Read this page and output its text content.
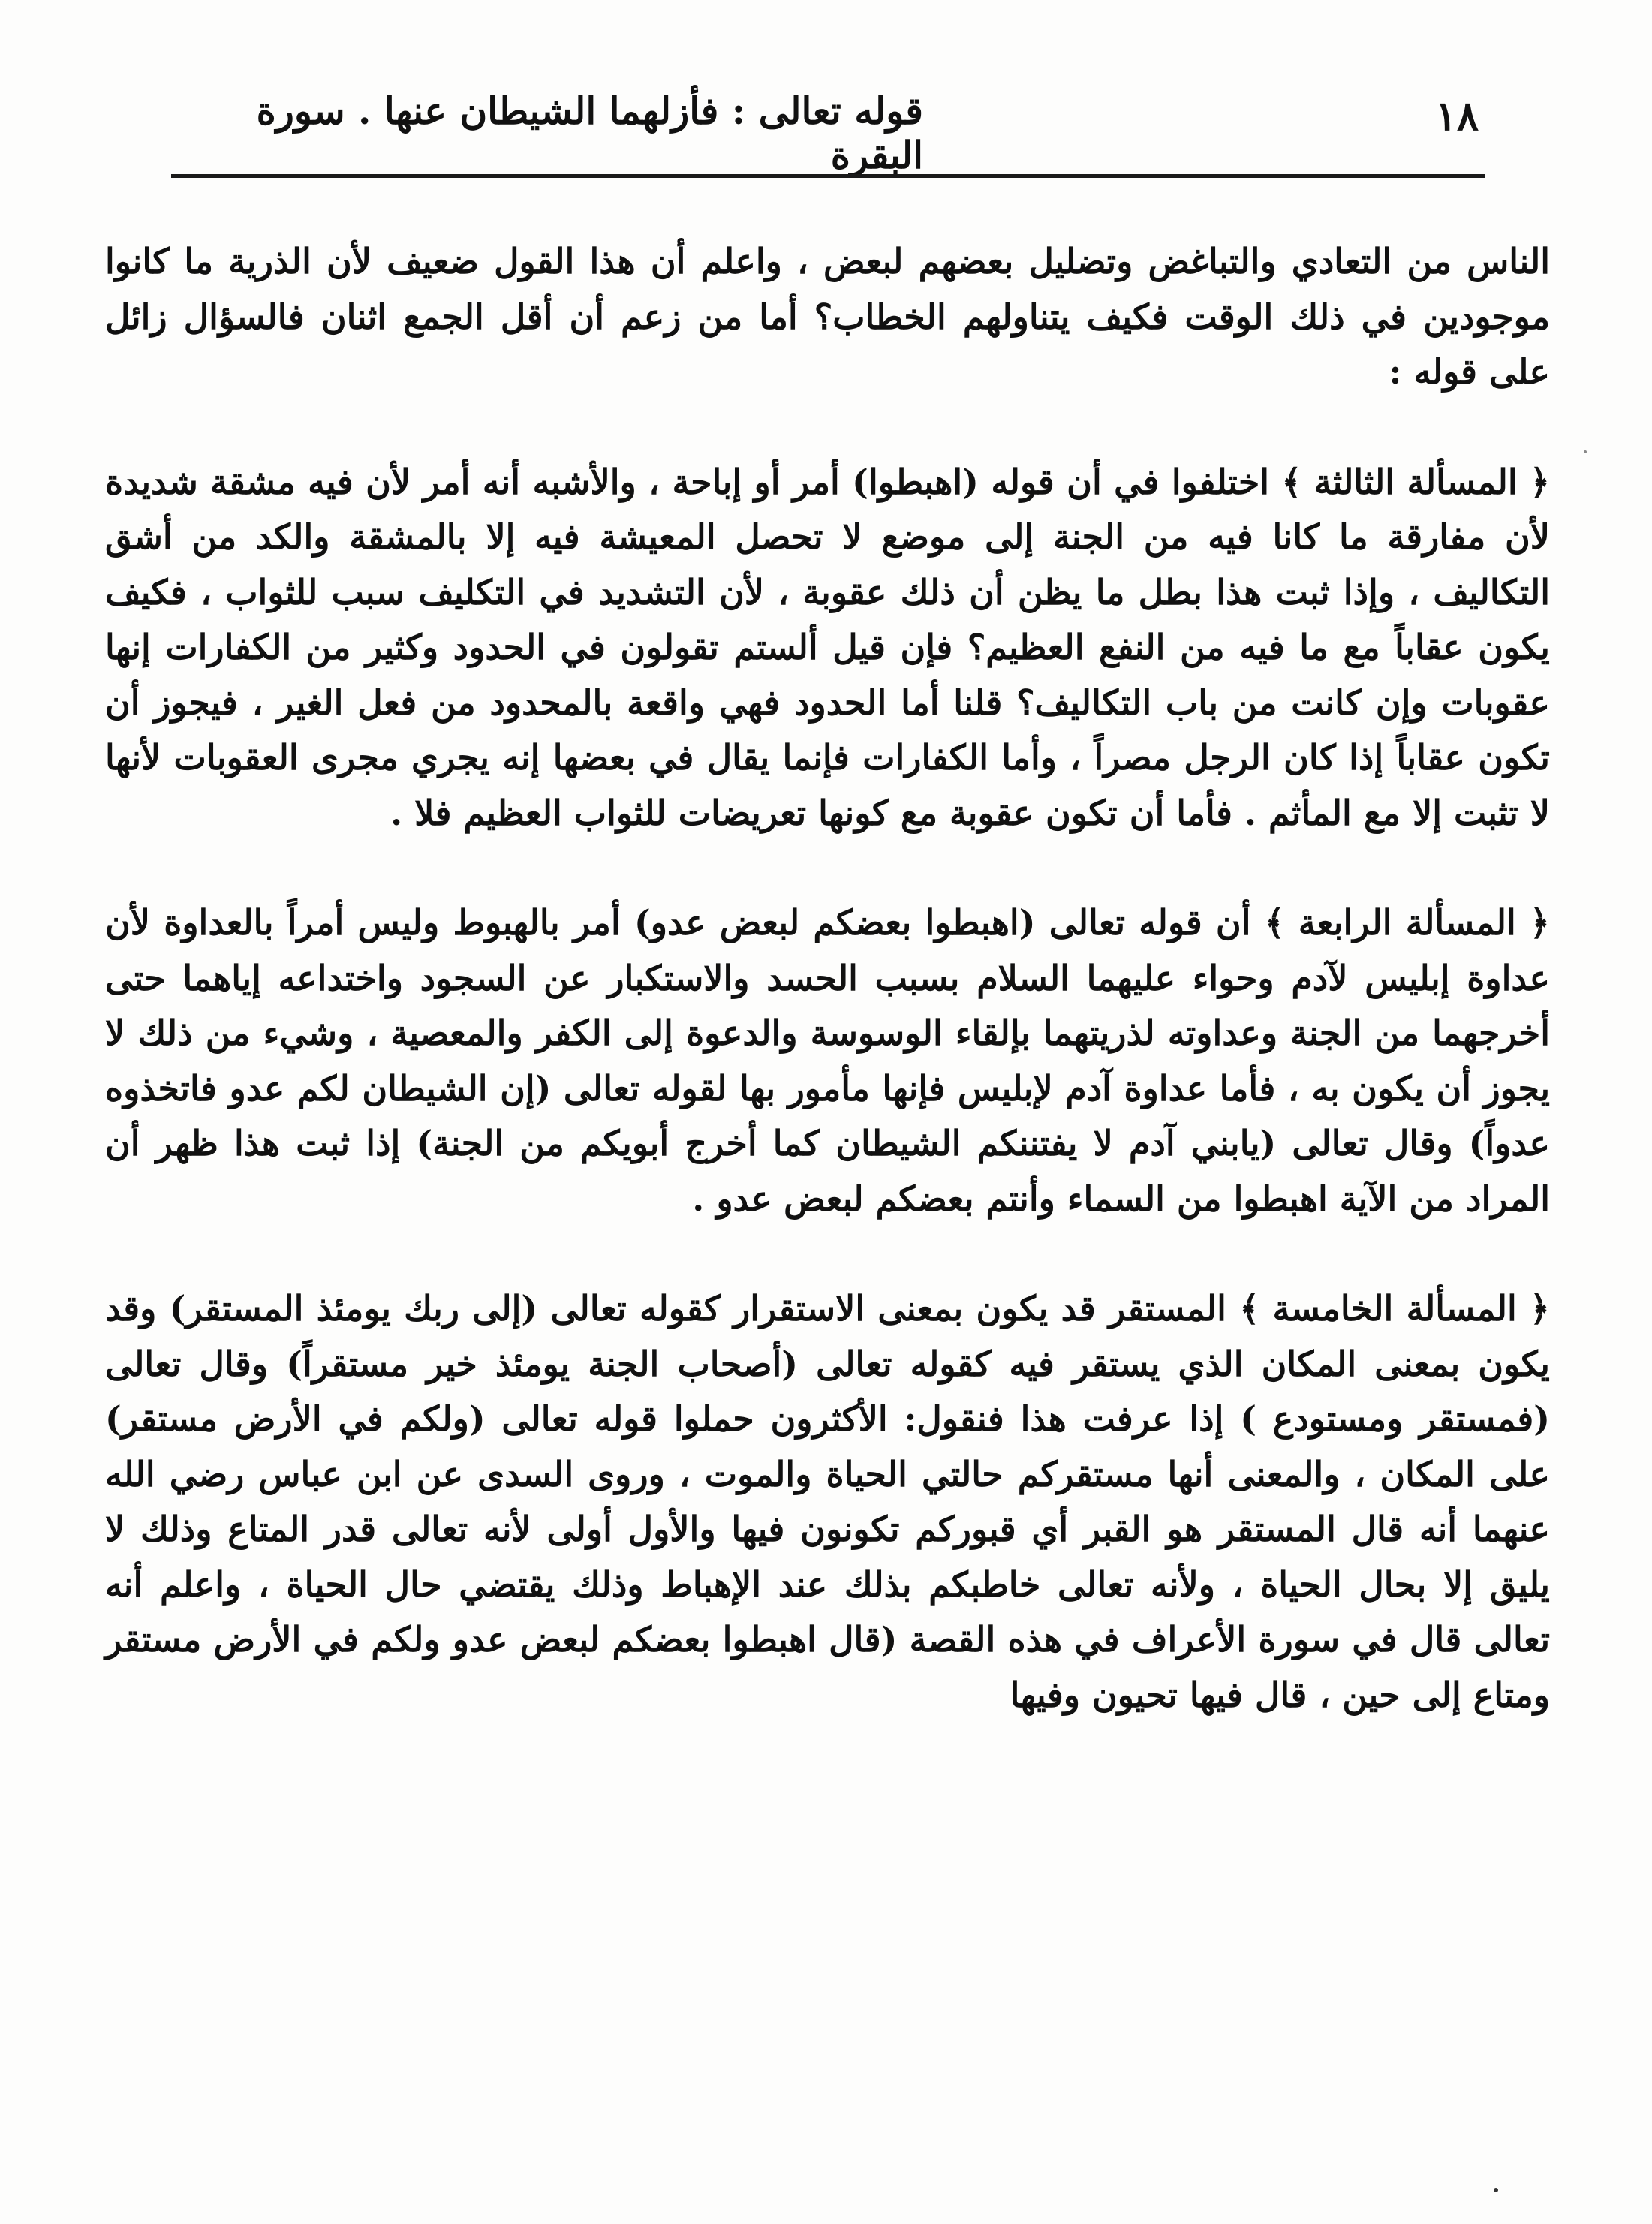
١٨
قوله تعالى : فأزلهما الشيطان عنها . سورة البقرة

الناس من التعادي والتباغض وتضليل بعضهم لبعض ، واعلم أن هذا القول ضعيف لأن الذرية ما كانوا موجودين في ذلك الوقت فكيف يتناولهم الخطاب؟ أما من زعم أن أقل الجمع اثنان فالسؤال زائل على قوله :

﴿ المسألة الثالثة ﴾ اختلفوا في أن قوله (اهبطوا) أمر أو إباحة ، والأشبه أنه أمر لأن فيه مشقة شديدة لأن مفارقة ما كانا فيه من الجنة إلى موضع لا تحصل المعيشة فيه إلا بالمشقة والكد من أشق التكاليف ، وإذا ثبت هذا بطل ما يظن أن ذلك عقوبة ، لأن التشديد في التكليف سبب للثواب ، فكيف يكون عقاباً مع ما فيه من النفع العظيم؟ فإن قيل ألستم تقولون في الحدود وكثير من الكفارات إنها عقوبات وإن كانت من باب التكاليف؟ قلنا أما الحدود فهي واقعة بالمحدود من فعل الغير ، فيجوز أن تكون عقاباً إذا كان الرجل مصراً ، وأما الكفارات فإنما يقال في بعضها إنه يجري مجرى العقوبات لأنها لا تثبت إلا مع المأثم . فأما أن تكون عقوبة مع كونها تعريضات للثواب العظيم فلا .

﴿ المسألة الرابعة ﴾ أن قوله تعالى (اهبطوا بعضكم لبعض عدو) أمر بالهبوط وليس أمراً بالعداوة لأن عداوة إبليس لآدم وحواء عليهما السلام بسبب الحسد والاستكبار عن السجود واختداعه إياهما حتى أخرجهما من الجنة وعداوته لذريتهما بإلقاء الوسوسة والدعوة إلى الكفر والمعصية ، وشيء من ذلك لا يجوز أن يكون به ، فأما عداوة آدم لإبليس فإنها مأمور بها لقوله تعالى (إن الشيطان لكم عدو فاتخذوه عدواً) وقال تعالى (يابني آدم لا يفتننكم الشيطان كما أخرج أبويكم من الجنة) إذا ثبت هذا ظهر أن المراد من الآية اهبطوا من السماء وأنتم بعضكم لبعض عدو .

﴿ المسألة الخامسة ﴾ المستقر قد يكون بمعنى الاستقرار كقوله تعالى (إلى ربك يومئذ المستقر) وقد يكون بمعنى المكان الذي يستقر فيه كقوله تعالى (أصحاب الجنة يومئذ خير مستقراً) وقال تعالى (فمستقر ومستودع ) إذا عرفت هذا فنقول: الأكثرون حملوا قوله تعالى (ولكم في الأرض مستقر) على المكان ، والمعنى أنها مستقركم حالتي الحياة والموت ، وروى السدى عن ابن عباس رضي الله عنهما أنه قال المستقر هو القبر أي قبوركم تكونون فيها والأول أولى لأنه تعالى قدر المتاع وذلك لا يليق إلا بحال الحياة ، ولأنه تعالى خاطبكم بذلك عند الإهباط وذلك يقتضي حال الحياة ، واعلم أنه تعالى قال في سورة الأعراف في هذه القصة (قال اهبطوا بعضكم لبعض عدو ولكم في الأرض مستقر ومتاع إلى حين ، قال فيها تحيون وفيها
